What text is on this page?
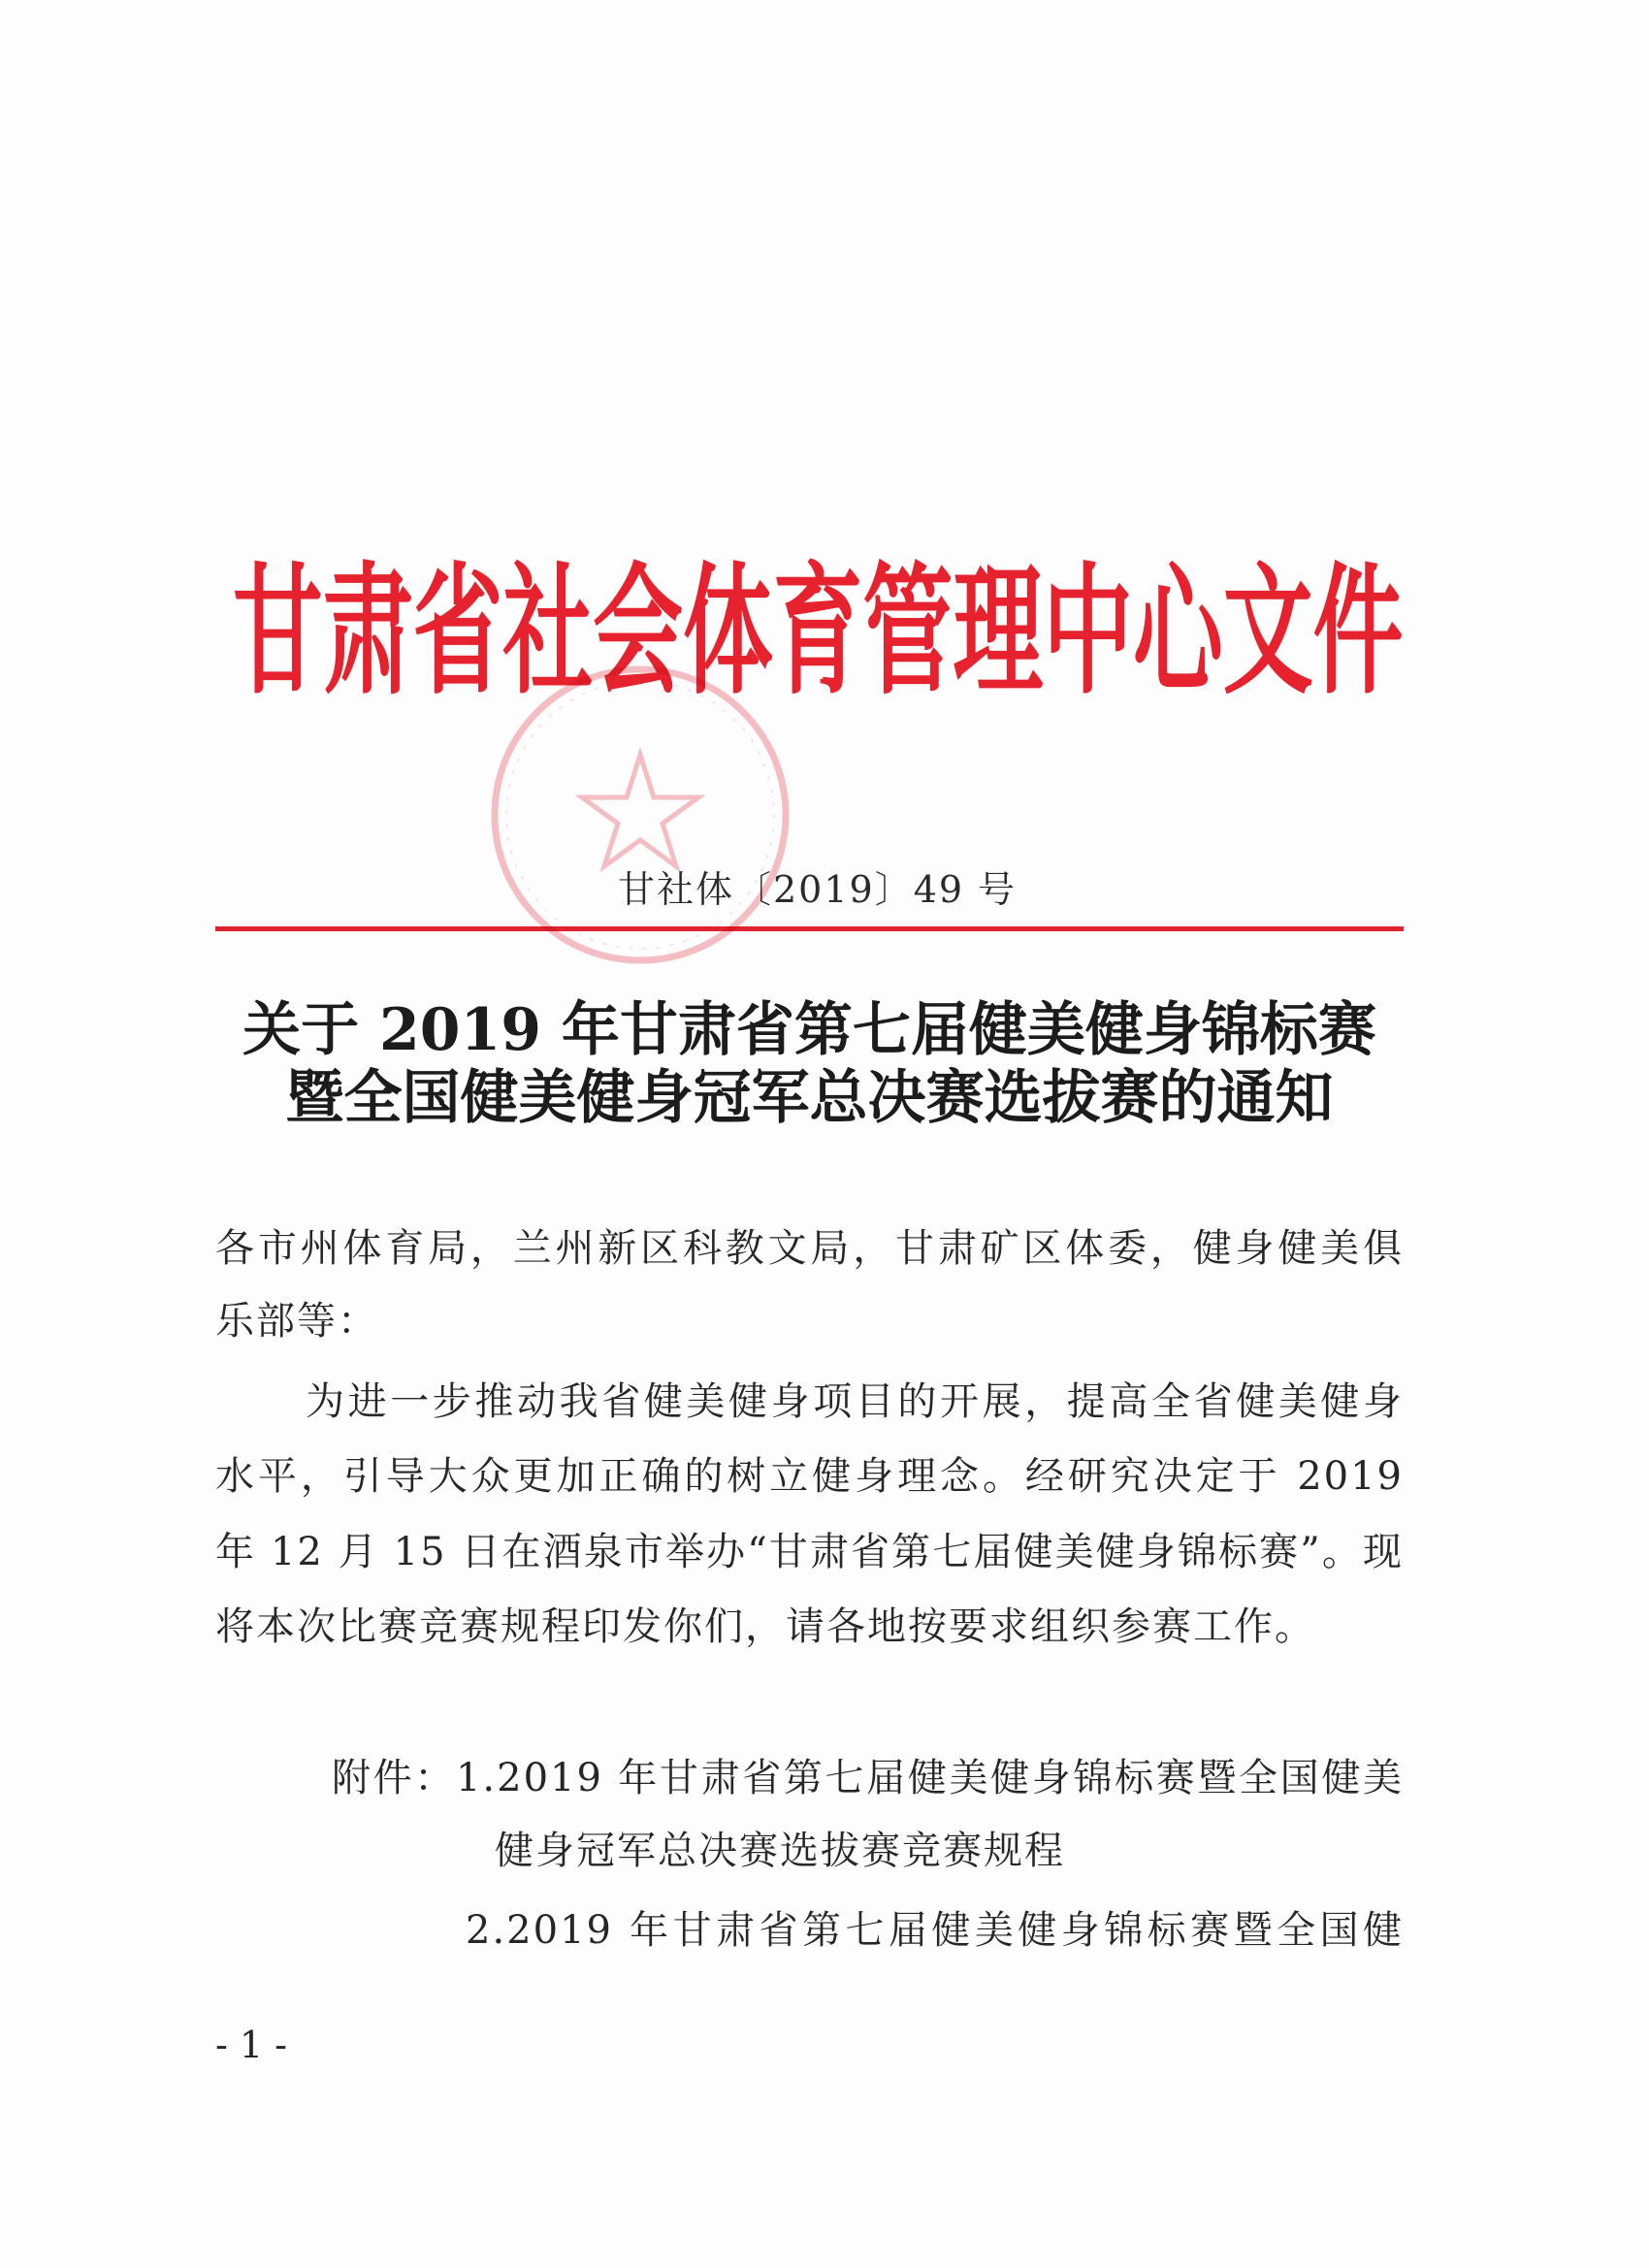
甘肃省社会体育管理中心文件
甘社体〔2019〕49 号
关于 2019 年甘肃省第七届健美健身锦标赛
暨全国健美健身冠军总决赛选拔赛的通知
各市州体育局，兰州新区科教文局，甘肃矿区体委，健身健美俱
乐部等：
为进一步推动我省健美健身项目的开展，提高全省健美健身
水平，引导大众更加正确的树立健身理念。经研究决定于 2019
年 12 月 15 日在酒泉市举办“甘肃省第七届健美健身锦标赛”。现
将本次比赛竞赛规程印发你们，请各地按要求组织参赛工作。
附件：1.2019 年甘肃省第七届健美健身锦标赛暨全国健美
健身冠军总决赛选拔赛竞赛规程
2.2019 年甘肃省第七届健美健身锦标赛暨全国健
- 1 -
